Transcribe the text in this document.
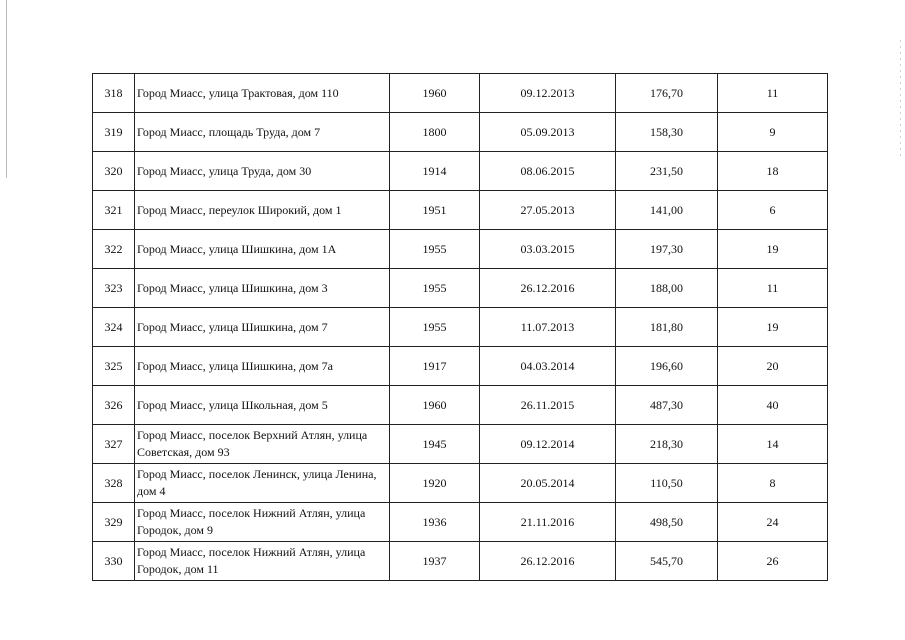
318	Город Миасс, улица Трактовая, дом 110	1960	09.12.2013	176,70	11
319	Город Миасс, площадь Труда, дом 7	1800	05.09.2013	158,30	9
320	Город Миасс, улица Труда, дом 30	1914	08.06.2015	231,50	18
321	Город Миасс, переулок Широкий, дом 1	1951	27.05.2013	141,00	6
322	Город Миасс, улица Шишкина, дом 1А	1955	03.03.2015	197,30	19
323	Город Миасс, улица Шишкина, дом 3	1955	26.12.2016	188,00	11
324	Город Миасс, улица Шишкина, дом 7	1955	11.07.2013	181,80	19
325	Город Миасс, улица Шишкина, дом 7а	1917	04.03.2014	196,60	20
326	Город Миасс, улица Школьная, дом 5	1960	26.11.2015	487,30	40
327	Город Миасс, поселок Верхний Атлян, улица Советская, дом 93	1945	09.12.2014	218,30	14
328	Город Миасс, поселок Ленинск, улица Ленина, дом 4	1920	20.05.2014	110,50	8
329	Город Миасс, поселок Нижний Атлян, улица Городок, дом 9	1936	21.11.2016	498,50	24
330	Город Миасс, поселок Нижний Атлян, улица Городок, дом 11	1937	26.12.2016	545,70	26
